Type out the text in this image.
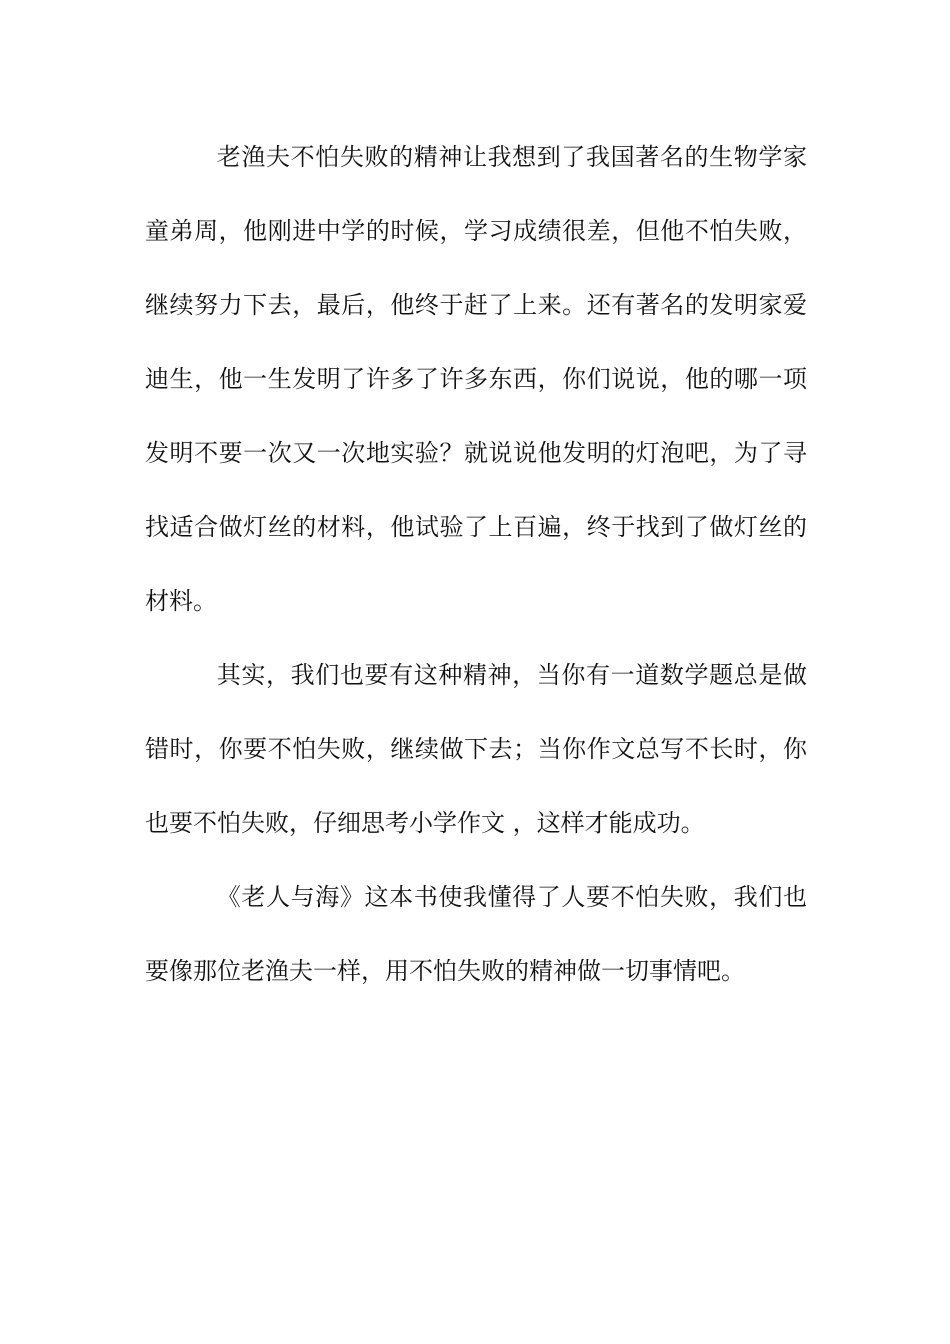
老渔夫不怕失败的精神让我想到了我国著名的生物学家童弟周，他刚进中学的时候，学习成绩很差，但他不怕失败，继续努力下去，最后，他终于赶了上来。还有著名的发明家爱迪生，他一生发明了许多了许多东西，你们说说，他的哪一项发明不要一次又一次地实验？就说说他发明的灯泡吧，为了寻找适合做灯丝的材料，他试验了上百遍，终于找到了做灯丝的材料。

其实，我们也要有这种精神，当你有一道数学题总是做错时，你要不怕失败，继续做下去；当你作文总写不长时，你也要不怕失败，仔细思考小学作文 ，这样才能成功。

《老人与海》这本书使我懂得了人要不怕失败，我们也要像那位老渔夫一样，用不怕失败的精神做一切事情吧。
